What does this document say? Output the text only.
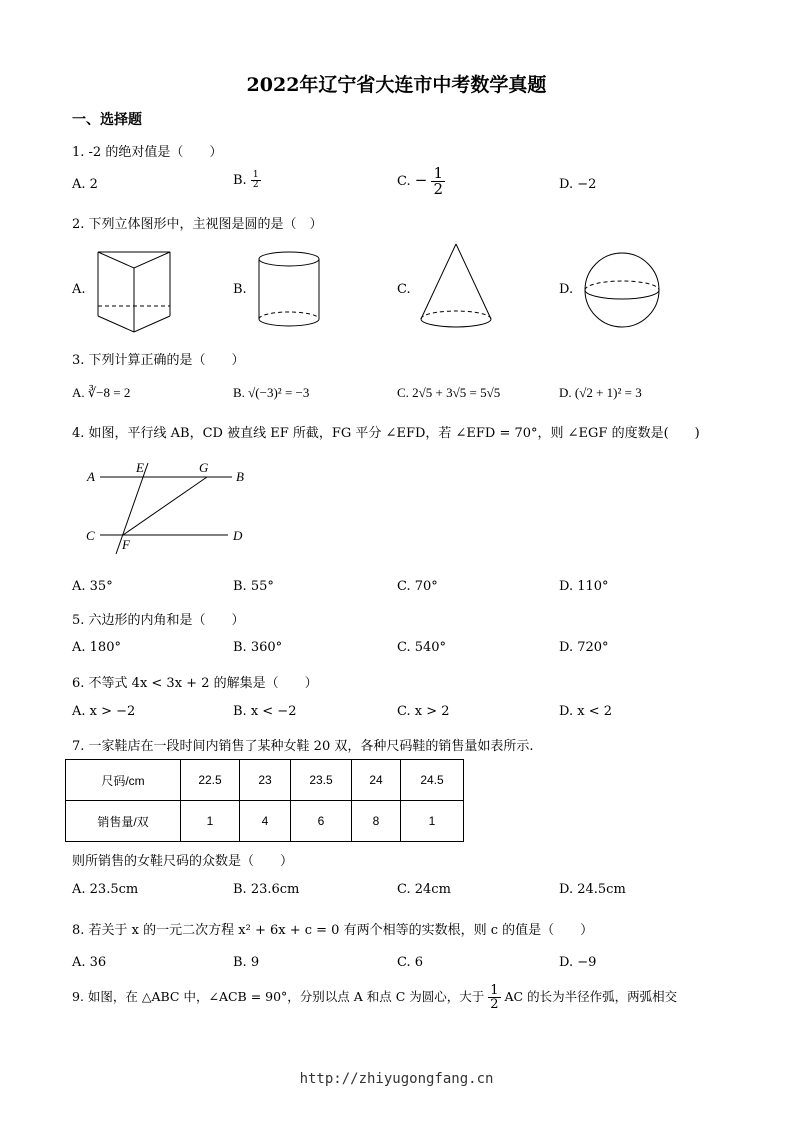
2022年辽宁省大连市中考数学真题
一、选择题
1. -2 的绝对值是（　　）
A. 2	B. $\frac{1}{2}$	C. − $\frac{1}{2}$	D. −2
2. 下列立体图形中，主视图是圆的是（　）
A.	B.	C.	D.
3. 下列计算正确的是（　　）
A. ∛−8 = 2	B. √(−3)² = −3	C. 2√5 + 3√5 = 5√5	D. (√2 + 1)² = 3
4. 如图，平行线 AB，CD 被直线 EF 所截，FG 平分 ∠EFD，若 ∠EFD = 70°，则 ∠EGF 的度数是(　　)
A	B
C	D
E	G
F
A. 35°	B. 55°	C. 70°	D. 110°
5. 六边形的内角和是（　　）
A. 180°	B. 360°	C. 540°	D. 720°
6. 不等式 4x < 3x + 2 的解集是（　　）
A. x > −2	B. x < −2	C. x > 2	D. x < 2
7. 一家鞋店在一段时间内销售了某种女鞋 20 双，各种尺码鞋的销售量如表所示.
尺码/cm	22.5	23	23.5	24	24.5
销售量/双	1	4	6	8	1
则所销售的女鞋尺码的众数是（　　）
A. 23.5cm	B. 23.6cm	C. 24cm	D. 24.5cm
8. 若关于 x 的一元二次方程 x² + 6x + c = 0 有两个相等的实数根，则 c 的值是（　　）
A. 36	B. 9	C. 6	D. −9
9. 如图，在 △ABC 中，∠ACB = 90°，分别以点 A 和点 C 为圆心，大于 $\frac{1}{2}$ AC 的长为半径作弧，两弧相交
http://zhiyugongfang.cn
